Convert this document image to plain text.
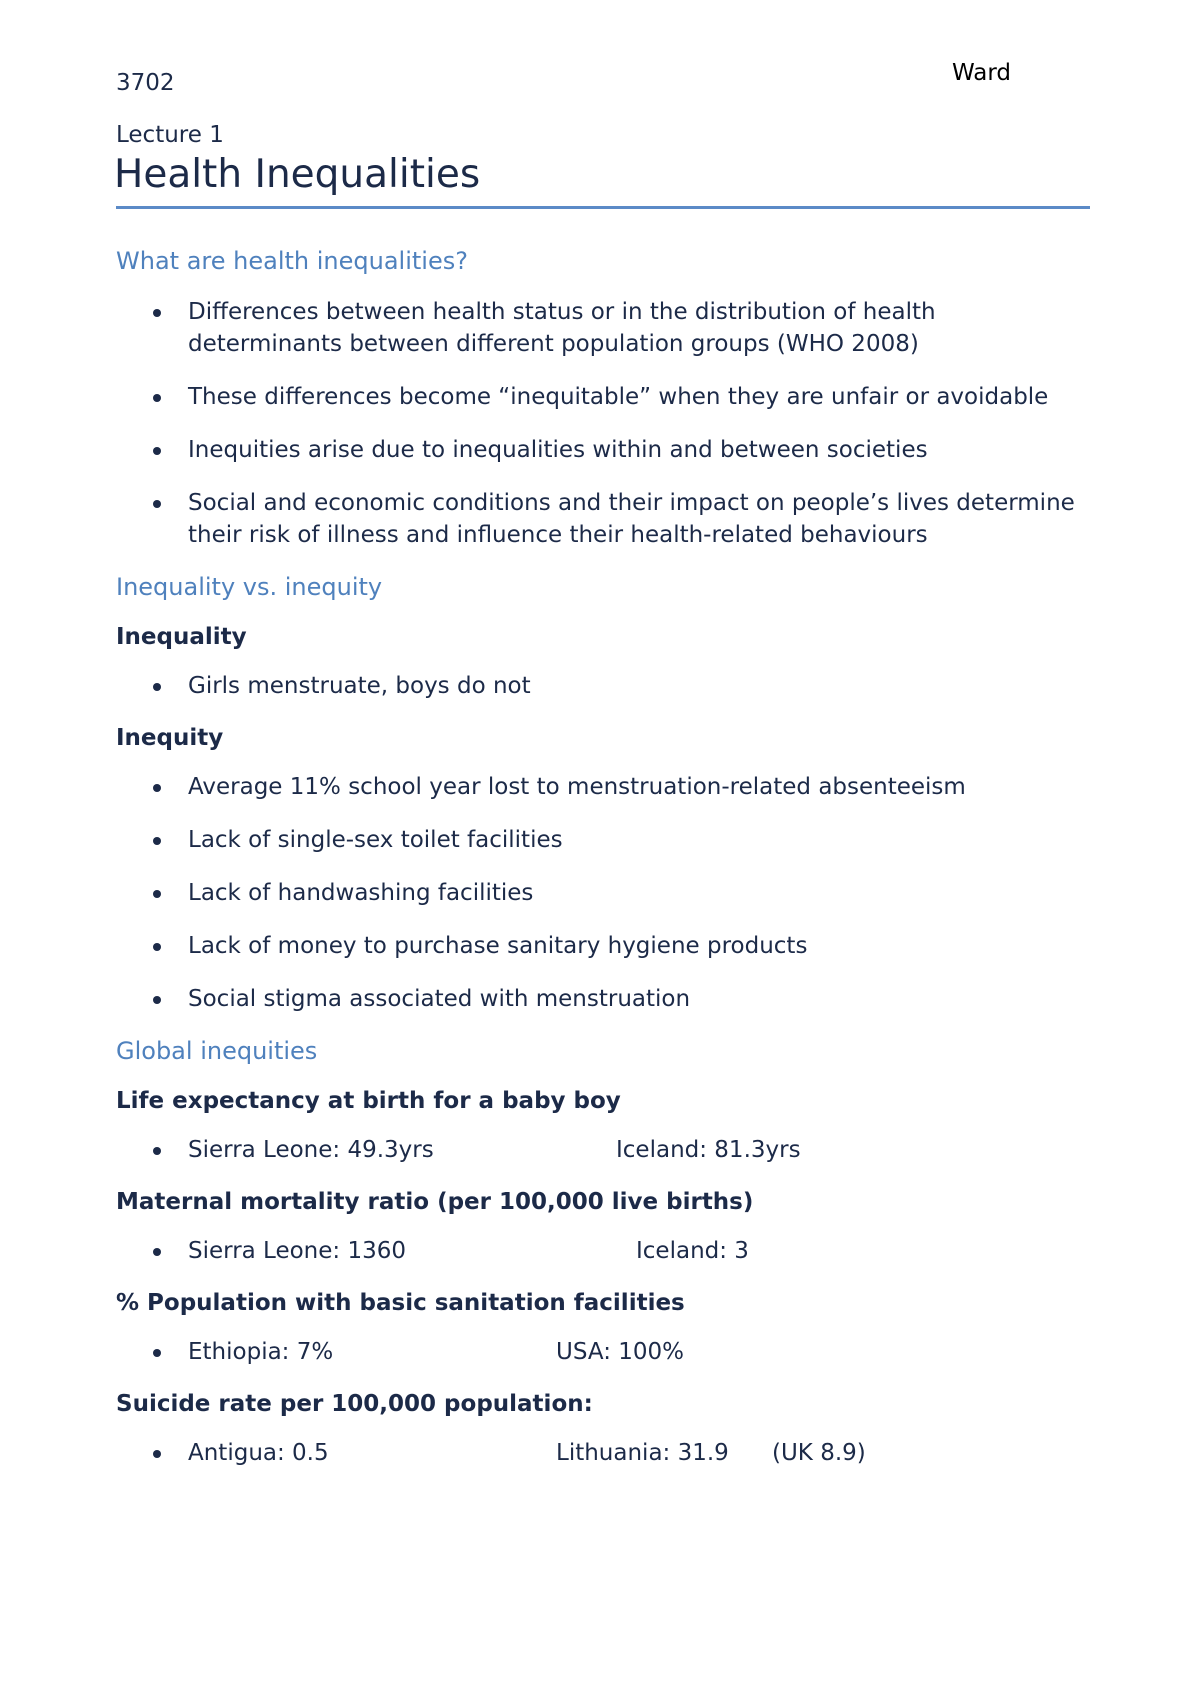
3702	Ward
Lecture 1
Health Inequalities
What are health inequalities?
Differences between health status or in the distribution of health determinants between different population groups (WHO 2008)
These differences become “inequitable” when they are unfair or avoidable
Inequities arise due to inequalities within and between societies
Social and economic conditions and their impact on people’s lives determine their risk of illness and influence their health-related behaviours
Inequality vs. inequity
Inequality
Girls menstruate, boys do not
Inequity
Average 11% school year lost to menstruation-related absenteeism
Lack of single-sex toilet facilities
Lack of handwashing facilities
Lack of money to purchase sanitary hygiene products
Social stigma associated with menstruation
Global inequities
Life expectancy at birth for a baby boy
Sierra Leone: 49.3yrs	Iceland: 81.3yrs
Maternal mortality ratio (per 100,000 live births)
Sierra Leone: 1360	Iceland: 3
% Population with basic sanitation facilities
Ethiopia: 7%	USA: 100%
Suicide rate per 100,000 population:
Antigua: 0.5	Lithuania: 31.9 (UK 8.9)
